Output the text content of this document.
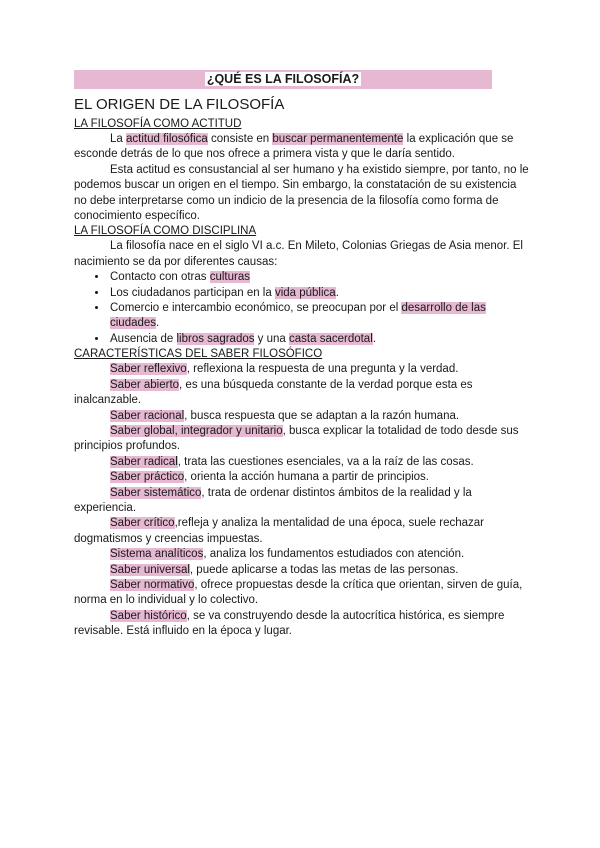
¿QUÉ ES LA FILOSOFÍA?
EL ORIGEN DE LA FILOSOFÍA
LA FILOSOFÍA COMO ACTITUD

La actitud filosófica consiste en buscar permanentemente la explicación que se esconde detrás de lo que nos ofrece a primera vista y que le daría sentido.

Esta actitud es consustancial al ser humano y ha existido siempre, por tanto, no le podemos buscar un origen en el tiempo. Sin embargo, la constatación de su existencia no debe interpretarse como un indicio de la presencia de la filosofía como forma de conocimiento específico.

LA FILOSOFÍA COMO DISCIPLINA

La filosofía nace en el siglo VI a.c. En Mileto, Colonias Griegas de Asia menor. El nacimiento se da por diferentes causas:

• Contacto con otras culturas
• Los ciudadanos participan en la vida pública.
• Comercio e intercambio económico, se preocupan por el desarrollo de las ciudades.
• Ausencia de libros sagrados y una casta sacerdotal.
CARACTERÍSTICAS DEL SABER FILOSÓFICO

Saber reflexivo, reflexiona la respuesta de una pregunta y la verdad.

Saber abierto, es una búsqueda constante de la verdad porque esta es inalcanzable.

Saber racional, busca respuesta que se adaptan a la razón humana.

Saber global, integrador y unitario, busca explicar la totalidad de todo desde sus principios profundos.

Saber radical, trata las cuestiones esenciales, va a la raíz de las cosas.

Saber práctico, orienta la acción humana a partir de principios.

Saber sistemático, trata de ordenar distintos ámbitos de la realidad y la experiencia.

Saber crítico,refleja y analiza la mentalidad de una época, suele rechazar dogmatismos y creencias impuestas.

Sistema analíticos, analiza los fundamentos estudiados con atención.

Saber universal, puede aplicarse a todas las metas de las personas.

Saber normativo, ofrece propuestas desde la crítica que orientan, sirven de guía, norma en lo individual y lo colectivo.

Saber histórico, se va construyendo desde la autocrítica histórica, es siempre revisable. Está influido en la época y lugar.
